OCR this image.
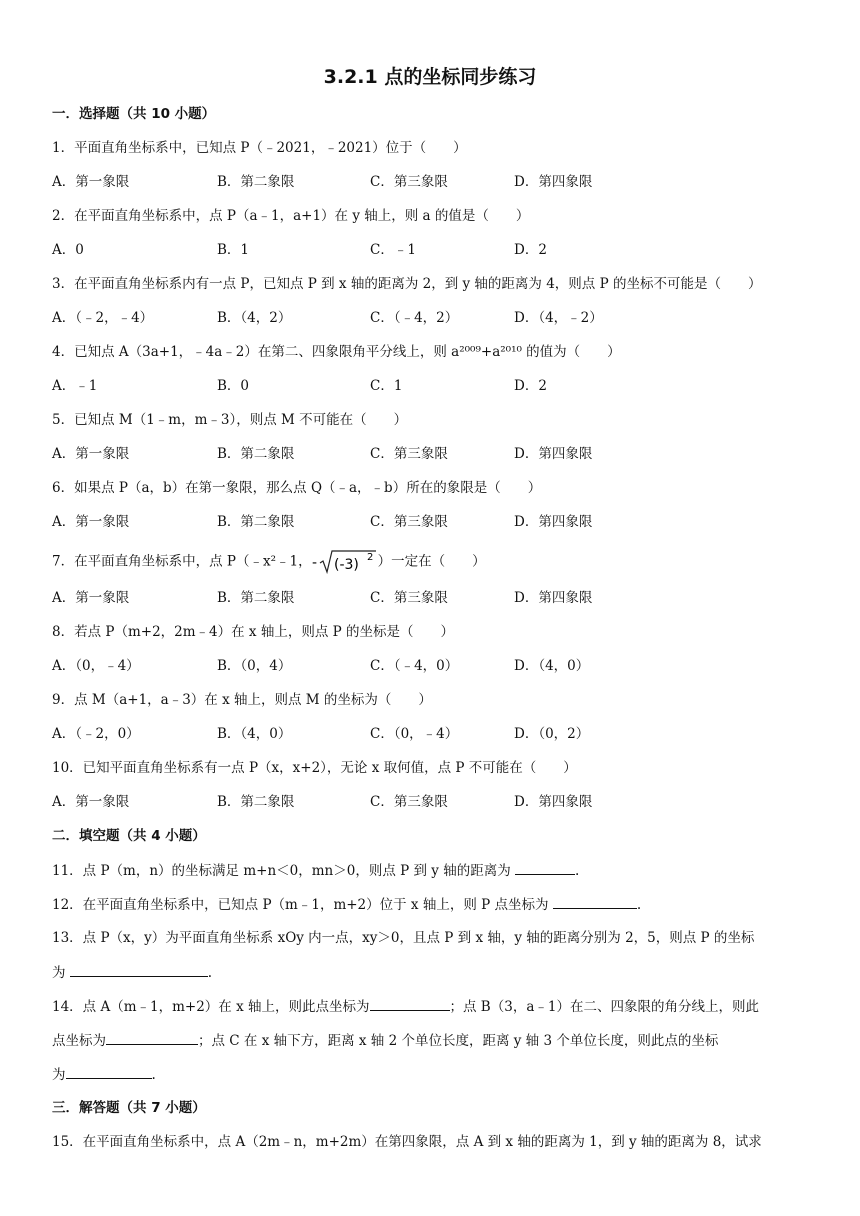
3.2.1 点的坐标同步练习
一．选择题（共 10 小题）
1．平面直角坐标系中，已知点 P（﹣2021，﹣2021）位于（　　）
A．第一象限	B．第二象限	C．第三象限	D．第四象限
2．在平面直角坐标系中，点 P（a﹣1，a+1）在 y 轴上，则 a 的值是（　　）
A．0	B．1	C．﹣1	D．2
3．在平面直角坐标系内有一点 P，已知点 P 到 x 轴的距离为 2，到 y 轴的距离为 4，则点 P 的坐标不可能是（　　）
A．（﹣2，﹣4）	B．（4，2）	C．（﹣4，2）	D．（4，﹣2）
4．已知点 A（3a+1，﹣4a﹣2）在第二、四象限角平分线上，则 a²⁰⁰⁹+a²⁰¹⁰ 的值为（　　）
A．﹣1	B．0	C．1	D．2
5．已知点 M（1﹣m，m﹣3），则点 M 不可能在（　　）
A．第一象限	B．第二象限	C．第三象限	D．第四象限
6．如果点 P（a，b）在第一象限，那么点 Q（﹣a，﹣b）所在的象限是（　　）
A．第一象限	B．第二象限	C．第三象限	D．第四象限
7．在平面直角坐标系中，点 P（﹣x²﹣1， - (-3) 2 ）一定在（　　）
A．第一象限	B．第二象限	C．第三象限	D．第四象限
8．若点 P（m+2，2m﹣4）在 x 轴上，则点 P 的坐标是（　　）
A．（0，﹣4）	B．（0，4）	C．（﹣4，0）	D．（4，0）
9．点 M（a+1，a﹣3）在 x 轴上，则点 M 的坐标为（　　）
A．（﹣2，0）	B．（4，0）	C．（0，﹣4）	D．（0，2）
10．已知平面直角坐标系有一点 P（x，x+2），无论 x 取何值，点 P 不可能在（　　）
A．第一象限	B．第二象限	C．第三象限	D．第四象限
二．填空题（共 4 小题）
11．点 P（m，n）的坐标满足 m+n＜0，mn＞0，则点 P 到 y 轴的距离为	.
12．在平面直角坐标系中，已知点 P（m﹣1，m+2）位于 x 轴上，则 P 点坐标为	.
13．点 P（x，y）为平面直角坐标系 xOy 内一点，xy＞0，且点 P 到 x 轴，y 轴的距离分别为 2，5，则点 P 的坐标
为	.
14．点 A（m﹣1，m+2）在 x 轴上，则此点坐标为	；点 B（3，a﹣1）在二、四象限的角分线上，则此
点坐标为	；点 C 在 x 轴下方，距离 x 轴 2 个单位长度，距离 y 轴 3 个单位长度，则此点的坐标
为	.
三．解答题（共 7 小题）
15．在平面直角坐标系中，点 A（2m﹣n，m+2m）在第四象限，点 A 到 x 轴的距离为 1，到 y 轴的距离为 8，试求
